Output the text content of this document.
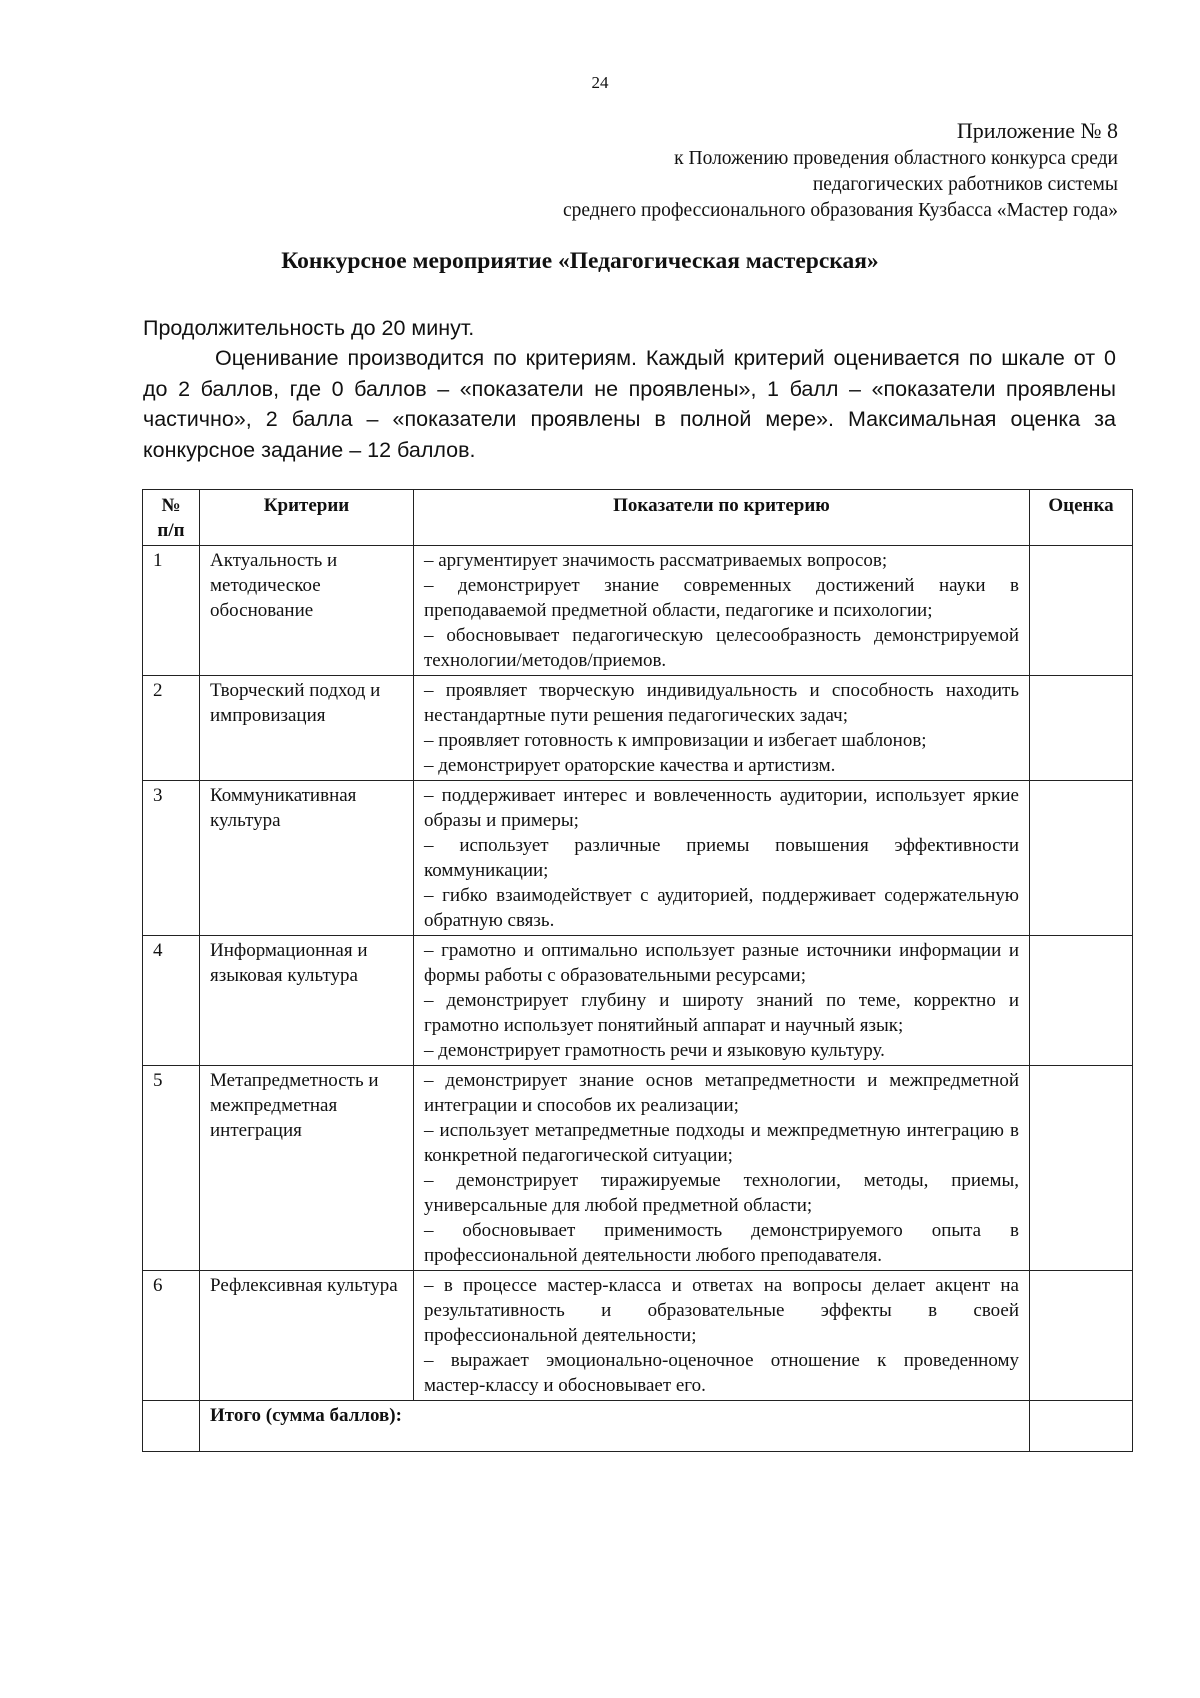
24
Приложение № 8
к Положению проведения областного конкурса среди
педагогических работников системы
среднего профессионального образования Кузбасса «Мастер года»
Конкурсное мероприятие «Педагогическая мастерская»
Продолжительность до 20 минут.
Оценивание производится по критериям. Каждый критерий оценивается по шкале от 0 до 2 баллов, где 0 баллов – «показатели не проявлены», 1 балл – «показатели проявлены частично», 2 балла – «показатели проявлены в полной мере». Максимальная оценка за конкурсное задание – 12 баллов.
№ п/п	Критерии	Показатели по критерию	Оценка
1	Актуальность и методическое обоснование	– аргументирует значимость рассматриваемых вопросов;
– демонстрирует знание современных достижений науки в преподаваемой предметной области, педагогике и психологии;
– обосновывает педагогическую целесообразность демонстрируемой технологии/методов/приемов.	

2	Творческий подход и импровизация	– проявляет творческую индивидуальность и способность находить нестандартные пути решения педагогических задач;
– проявляет готовность к импровизации и избегает шаблонов;
– демонстрирует ораторские качества и артистизм.	

3	Коммуникативная культура	– поддерживает интерес и вовлеченность аудитории, использует яркие образы и примеры;
– использует различные приемы повышения эффективности коммуникации;
– гибко взаимодействует с аудиторией, поддерживает содержательную обратную связь.	

4	Информационная и языковая культура	– грамотно и оптимально использует разные источники информации и формы работы с образовательными ресурсами;
– демонстрирует глубину и широту знаний по теме, корректно и грамотно использует понятийный аппарат и научный язык;
– демонстрирует грамотность речи и языковую культуру.	

5	Метапредметность и межпредметная интеграция	– демонстрирует знание основ метапредметности и межпредметной интеграции и способов их реализации;
– использует метапредметные подходы и межпредметную интеграцию в конкретной педагогической ситуации;
– демонстрирует тиражируемые технологии, методы, приемы, универсальные для любой предметной области;
– обосновывает применимость демонстрируемого опыта в профессиональной деятельности любого преподавателя.	

6	Рефлексивная культура	– в процессе мастер-класса и ответах на вопросы делает акцент на результативность и образовательные эффекты в своей профессиональной деятельности;
– выражает эмоционально-оценочное отношение к проведенному мастер-классу и обосновывает его.	

	Итого (сумма баллов):		
